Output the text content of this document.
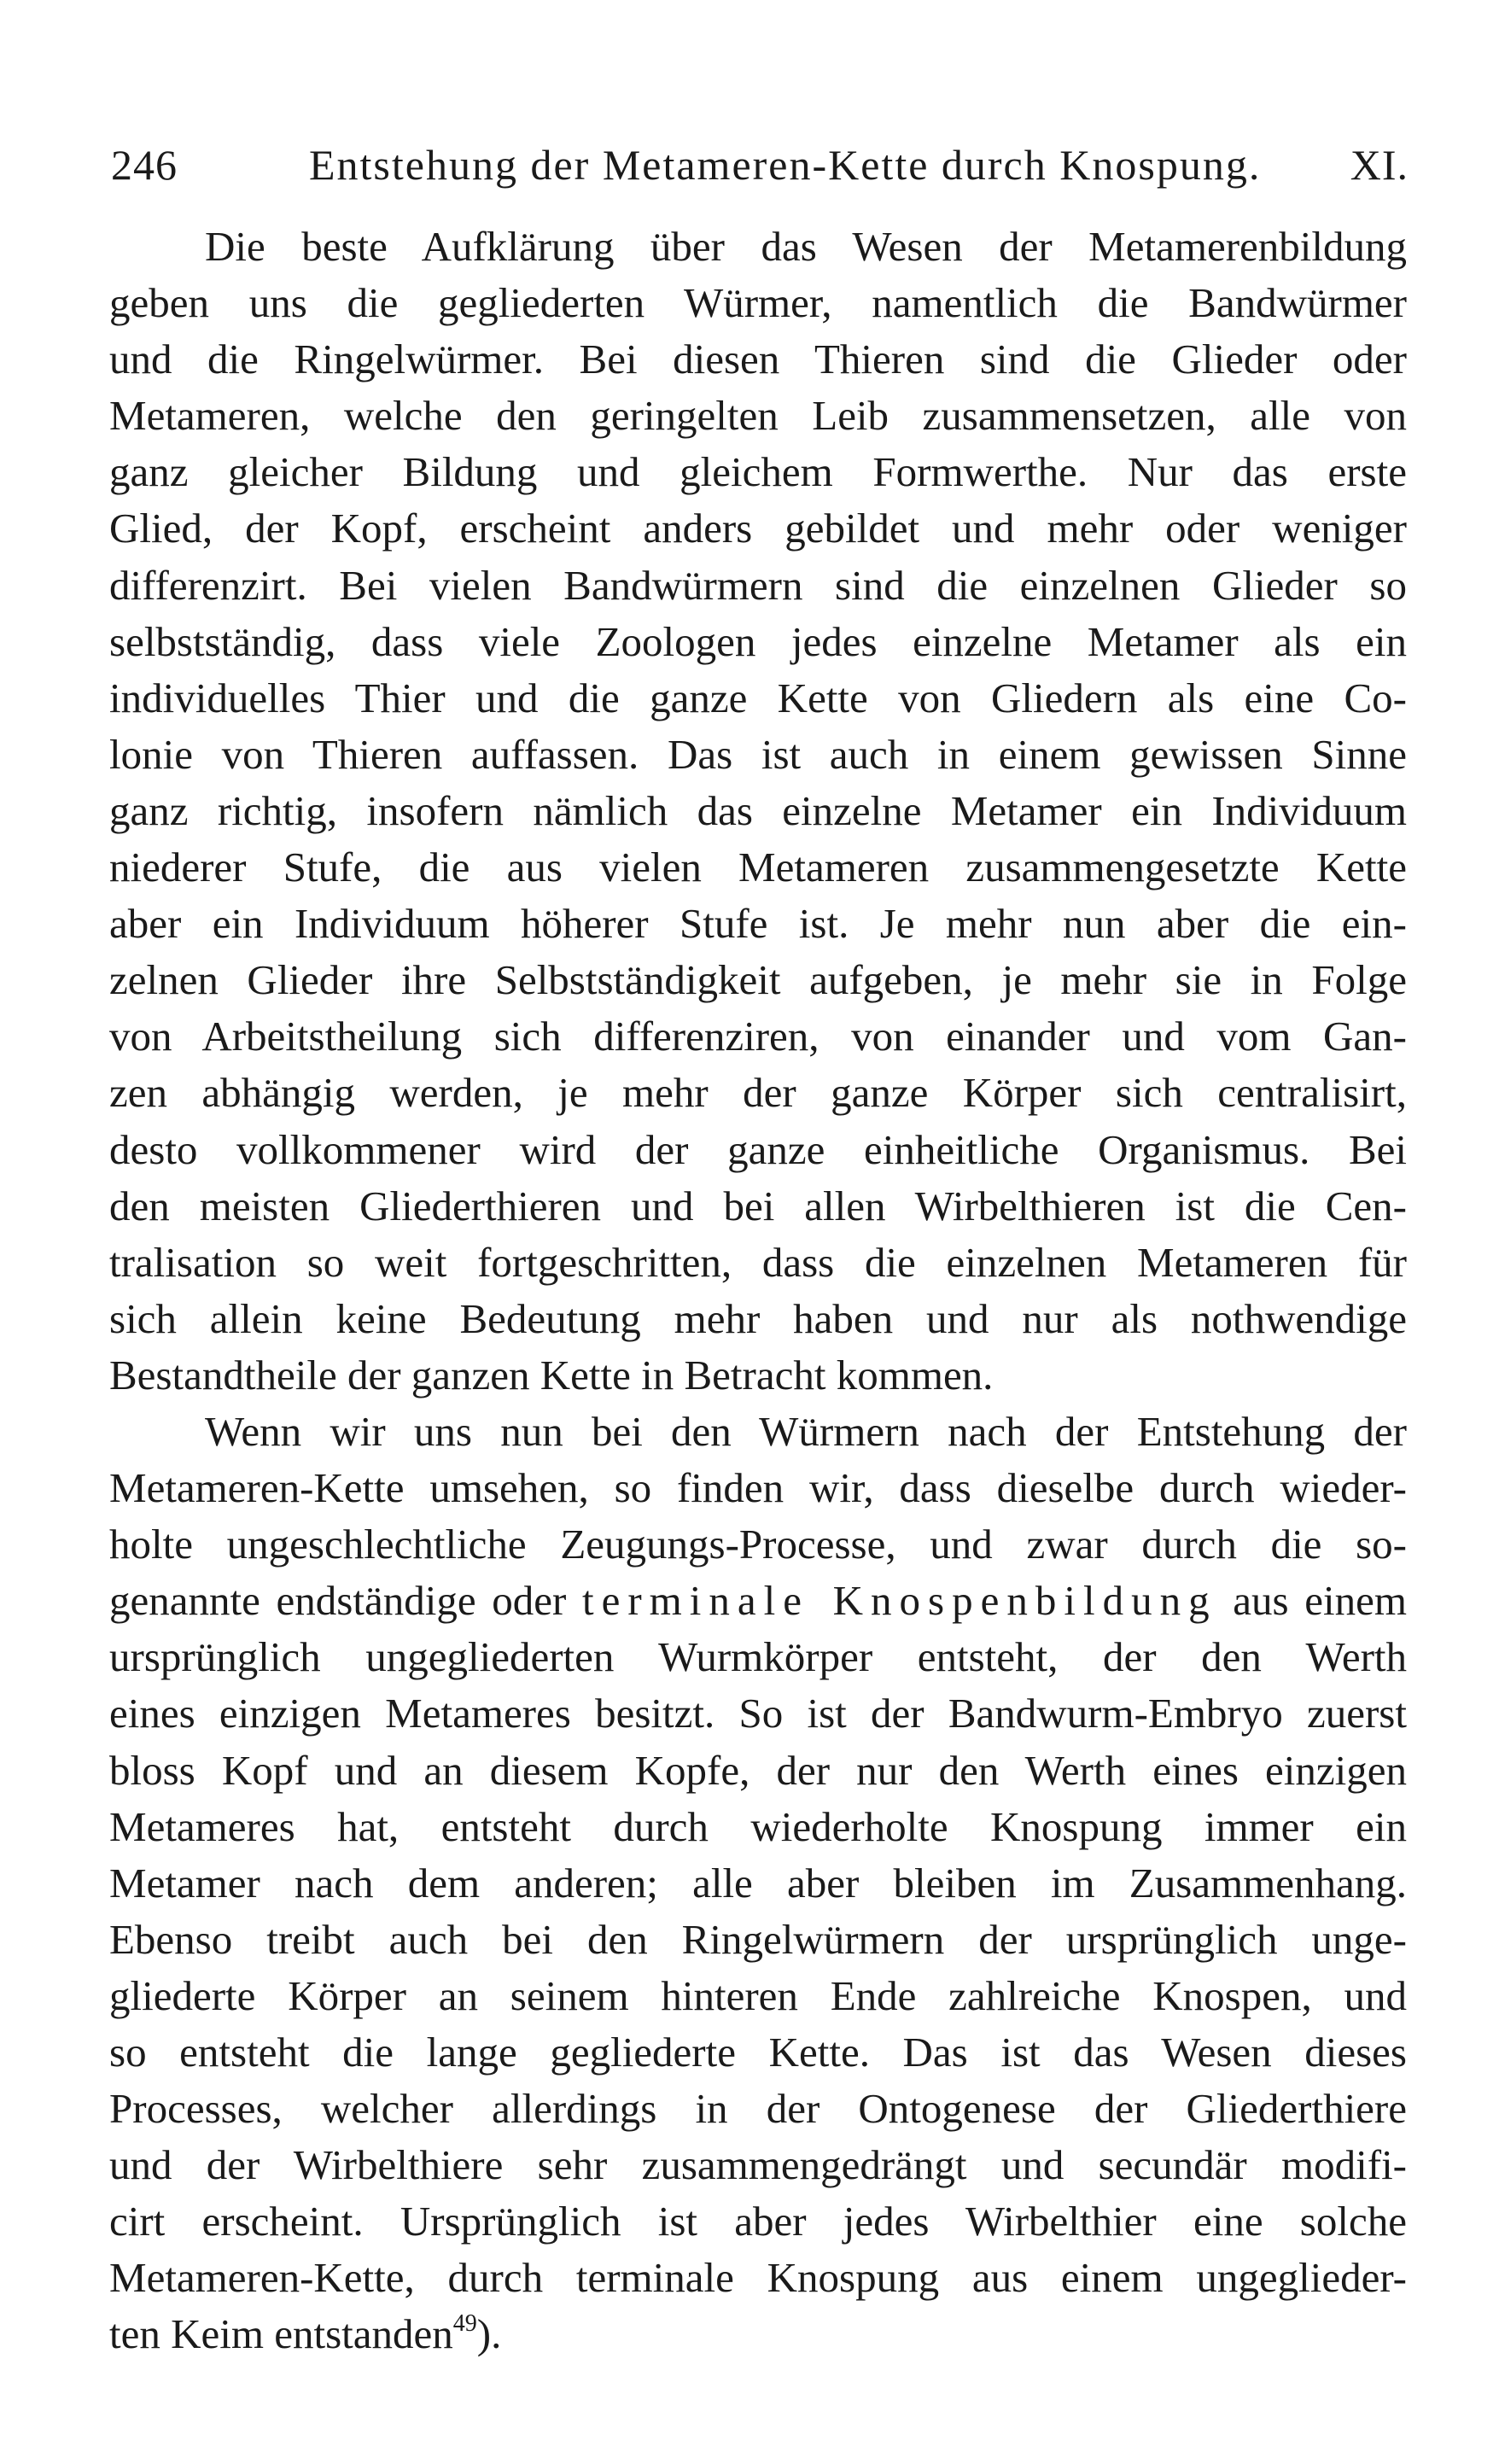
246	Entstehung der Metameren-Kette durch Knospung. XI.
Die beste Aufklärung über das Wesen der Metamerenbildung
geben uns die gegliederten Würmer, namentlich die Bandwürmer
und die Ringelwürmer. Bei diesen Thieren sind die Glieder oder
Metameren, welche den geringelten Leib zusammensetzen, alle von
ganz gleicher Bildung und gleichem Formwerthe. Nur das erste
Glied, der Kopf, erscheint anders gebildet und mehr oder weniger
differenzirt. Bei vielen Bandwürmern sind die einzelnen Glieder so
selbstständig, dass viele Zoologen jedes einzelne Metamer als ein
individuelles Thier und die ganze Kette von Gliedern als eine Co-
lonie von Thieren auffassen. Das ist auch in einem gewissen Sinne
ganz richtig, insofern nämlich das einzelne Metamer ein Individuum
niederer Stufe, die aus vielen Metameren zusammengesetzte Kette
aber ein Individuum höherer Stufe ist. Je mehr nun aber die ein-
zelnen Glieder ihre Selbstständigkeit aufgeben, je mehr sie in Folge
von Arbeitstheilung sich differenziren, von einander und vom Gan-
zen abhängig werden, je mehr der ganze Körper sich centralisirt,
desto vollkommener wird der ganze einheitliche Organismus. Bei
den meisten Gliederthieren und bei allen Wirbelthieren ist die Cen-
tralisation so weit fortgeschritten, dass die einzelnen Metameren für
sich allein keine Bedeutung mehr haben und nur als nothwendige
Bestandtheile der ganzen Kette in Betracht kommen.
Wenn wir uns nun bei den Würmern nach der Entstehung der
Metameren-Kette umsehen, so finden wir, dass dieselbe durch wieder-
holte ungeschlechtliche Zeugungs-Processe, und zwar durch die so-
genannte endständige oder terminale Knospenbildung aus einem
ursprünglich ungegliederten Wurmkörper entsteht, der den Werth
eines einzigen Metameres besitzt. So ist der Bandwurm-Embryo zuerst
bloss Kopf und an diesem Kopfe, der nur den Werth eines einzigen
Metameres hat, entsteht durch wiederholte Knospung immer ein
Metamer nach dem anderen; alle aber bleiben im Zusammenhang.
Ebenso treibt auch bei den Ringelwürmern der ursprünglich unge-
gliederte Körper an seinem hinteren Ende zahlreiche Knospen, und
so entsteht die lange gegliederte Kette. Das ist das Wesen dieses
Processes, welcher allerdings in der Ontogenese der Gliederthiere
und der Wirbelthiere sehr zusammengedrängt und secundär modifi-
cirt erscheint. Ursprünglich ist aber jedes Wirbelthier eine solche
Metameren-Kette, durch terminale Knospung aus einem ungeglieder-
ten Keim entstanden$^{49}$).
